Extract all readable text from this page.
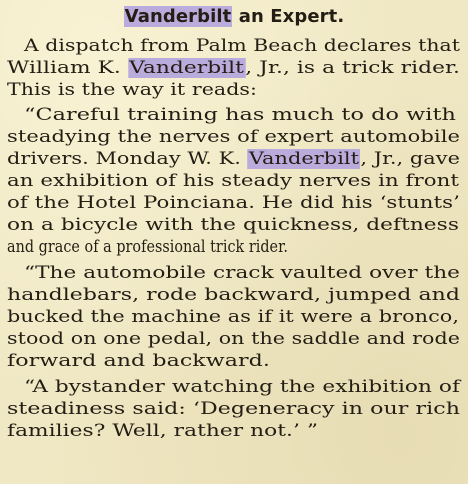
Vanderbilt an Expert.
A dispatch from Palm Beach declares that
William K. Vanderbilt, Jr., is a trick rider.
This is the way it reads:
“Careful training has much to do with
steadying the nerves of expert automobile
drivers. Monday W. K. Vanderbilt, Jr., gave
an exhibition of his steady nerves in front
of the Hotel Poinciana. He did his ‘stunts’
on a bicycle with the quickness, deftness
and grace of a professional trick rider.
“The automobile crack vaulted over the
handlebars, rode backward, jumped and
bucked the machine as if it were a bronco,
stood on one pedal, on the saddle and rode
forward and backward.
“A bystander watching the exhibition of
steadiness said: ‘Degeneracy in our rich
families? Well, rather not.’ ”
